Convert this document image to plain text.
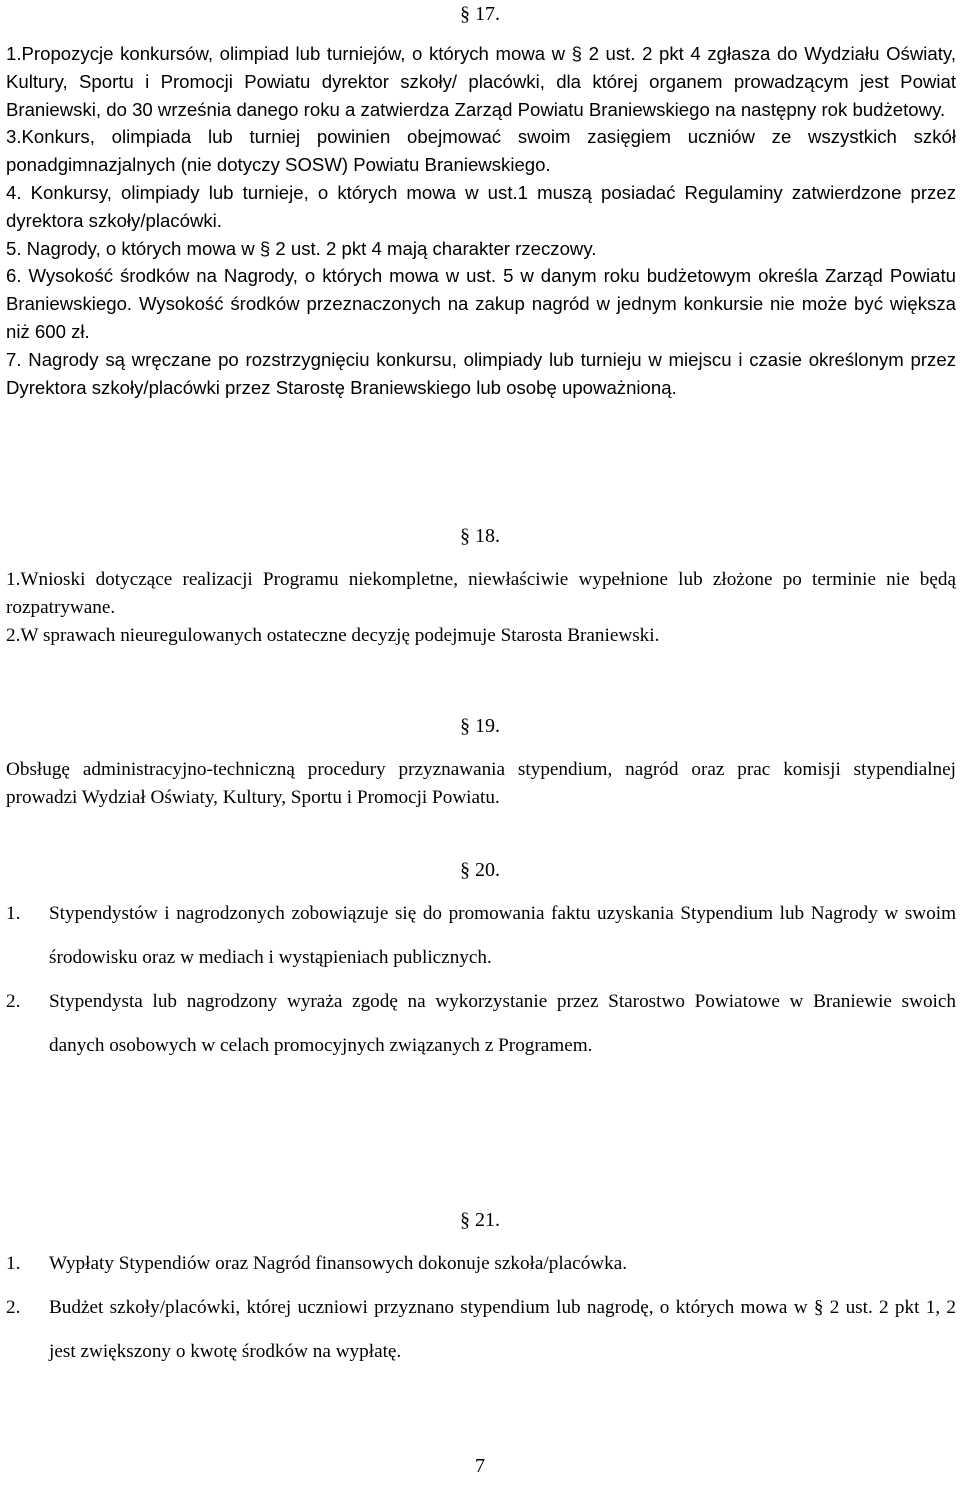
§ 17.

1.Propozycje konkursów, olimpiad lub turniejów, o których mowa w § 2 ust. 2 pkt 4 zgłasza do Wydziału Oświaty, Kultury, Sportu i Promocji Powiatu dyrektor szkoły/ placówki, dla której organem prowadzącym jest Powiat Braniewski, do 30 września danego roku a zatwierdza Zarząd Powiatu Braniewskiego na następny rok budżetowy.

3.Konkurs, olimpiada lub turniej powinien obejmować swoim zasięgiem uczniów ze wszystkich szkół ponadgimnazjalnych (nie dotyczy SOSW) Powiatu Braniewskiego.

4. Konkursy, olimpiady lub turnieje, o których mowa w ust.1 muszą posiadać Regulaminy zatwierdzone przez dyrektora szkoły/placówki.

5. Nagrody, o których mowa w § 2 ust. 2 pkt 4 mają charakter rzeczowy.

6. Wysokość środków na Nagrody, o których mowa w ust. 5 w danym roku budżetowym określa Zarząd Powiatu Braniewskiego. Wysokość środków przeznaczonych na zakup nagród w jednym konkursie nie może być większa niż 600 zł.

7. Nagrody są wręczane po rozstrzygnięciu konkursu, olimpiady lub turnieju w miejscu i czasie określonym przez Dyrektora szkoły/placówki przez Starostę Braniewskiego lub osobę upoważnioną.

§ 18.

1.Wnioski dotyczące realizacji Programu niekompletne, niewłaściwie wypełnione lub złożone po terminie nie będą rozpatrywane.

2.W sprawach nieuregulowanych ostateczne decyzję podejmuje Starosta Braniewski.

§ 19.

Obsługę administracyjno-techniczną procedury przyznawania stypendium, nagród oraz prac komisji stypendialnej prowadzi Wydział Oświaty, Kultury, Sportu i Promocji Powiatu.

§ 20.
1.	Stypendystów i nagrodzonych zobowiązuje się do promowania faktu uzyskania Stypendium lub Nagrody w swoim środowisku oraz w mediach i wystąpieniach publicznych.
2.	Stypendysta lub nagrodzony wyraża zgodę na wykorzystanie przez Starostwo Powiatowe w Braniewie swoich danych osobowych w celach promocyjnych związanych z Programem.
§ 21.
1.	Wypłaty Stypendiów oraz Nagród finansowych dokonuje szkoła/placówka.
2.	Budżet szkoły/placówki, której uczniowi przyznano stypendium lub nagrodę, o których mowa w § 2 ust. 2 pkt 1, 2 jest zwiększony o kwotę środków na wypłatę.
7
